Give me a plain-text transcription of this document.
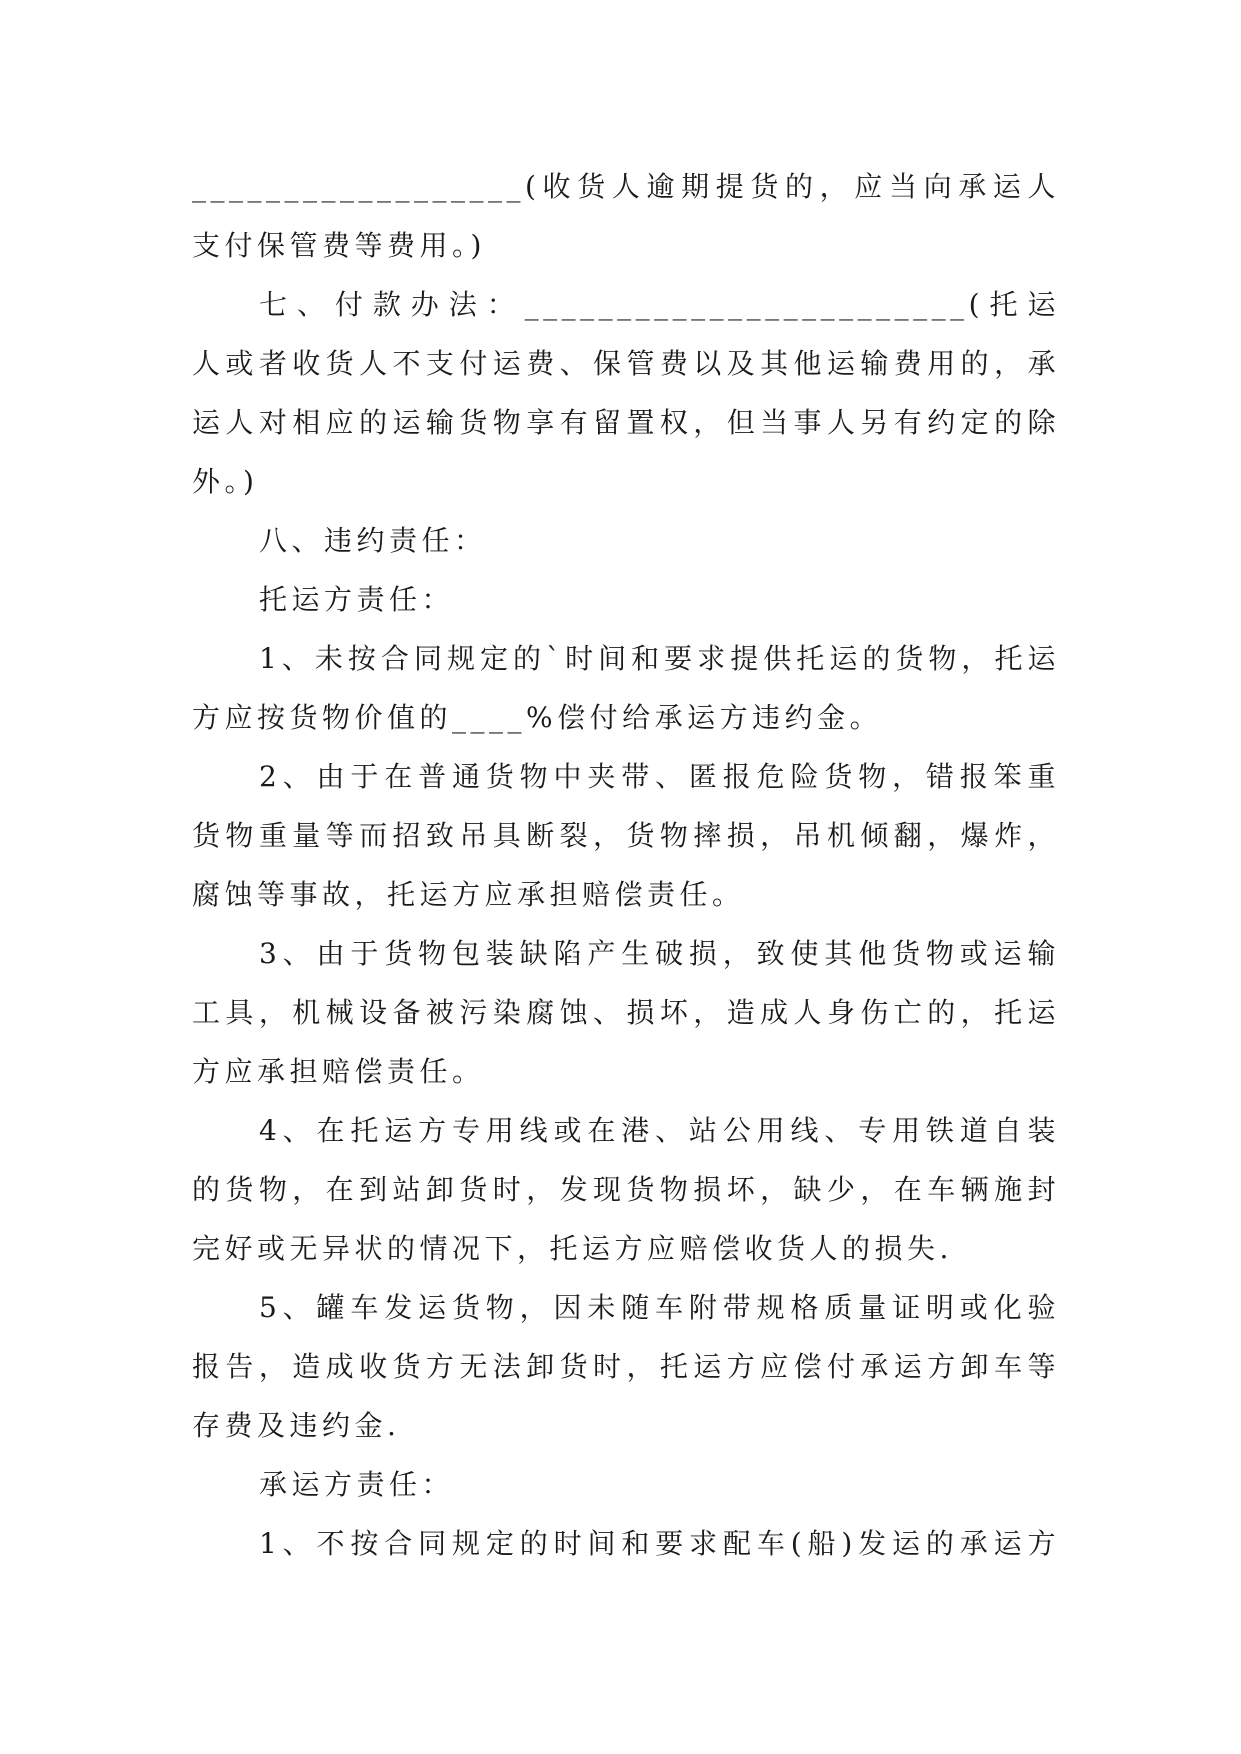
__________________(收货人逾期提货的，应当向承运人
支付保管费等费用。)
七、付款办法：________________________(托运
人或者收货人不支付运费、保管费以及其他运输费用的，承
运人对相应的运输货物享有留置权，但当事人另有约定的除
外。)
八、违约责任：
托运方责任：
1、未按合同规定的`时间和要求提供托运的货物，托运
方应按货物价值的____%偿付给承运方违约金。
2、由于在普通货物中夹带、匿报危险货物，错报笨重
货物重量等而招致吊具断裂，货物摔损，吊机倾翻，爆炸，
腐蚀等事故，托运方应承担赔偿责任。
3、由于货物包装缺陷产生破损，致使其他货物或运输
工具，机械设备被污染腐蚀、损坏，造成人身伤亡的，托运
方应承担赔偿责任。
4、在托运方专用线或在港、站公用线、专用铁道自装
的货物，在到站卸货时，发现货物损坏，缺少，在车辆施封
完好或无异状的情况下，托运方应赔偿收货人的损失.
5、罐车发运货物，因未随车附带规格质量证明或化验
报告，造成收货方无法卸货时，托运方应偿付承运方卸车等
存费及违约金.
承运方责任：
1、不按合同规定的时间和要求配车(船)发运的承运方
